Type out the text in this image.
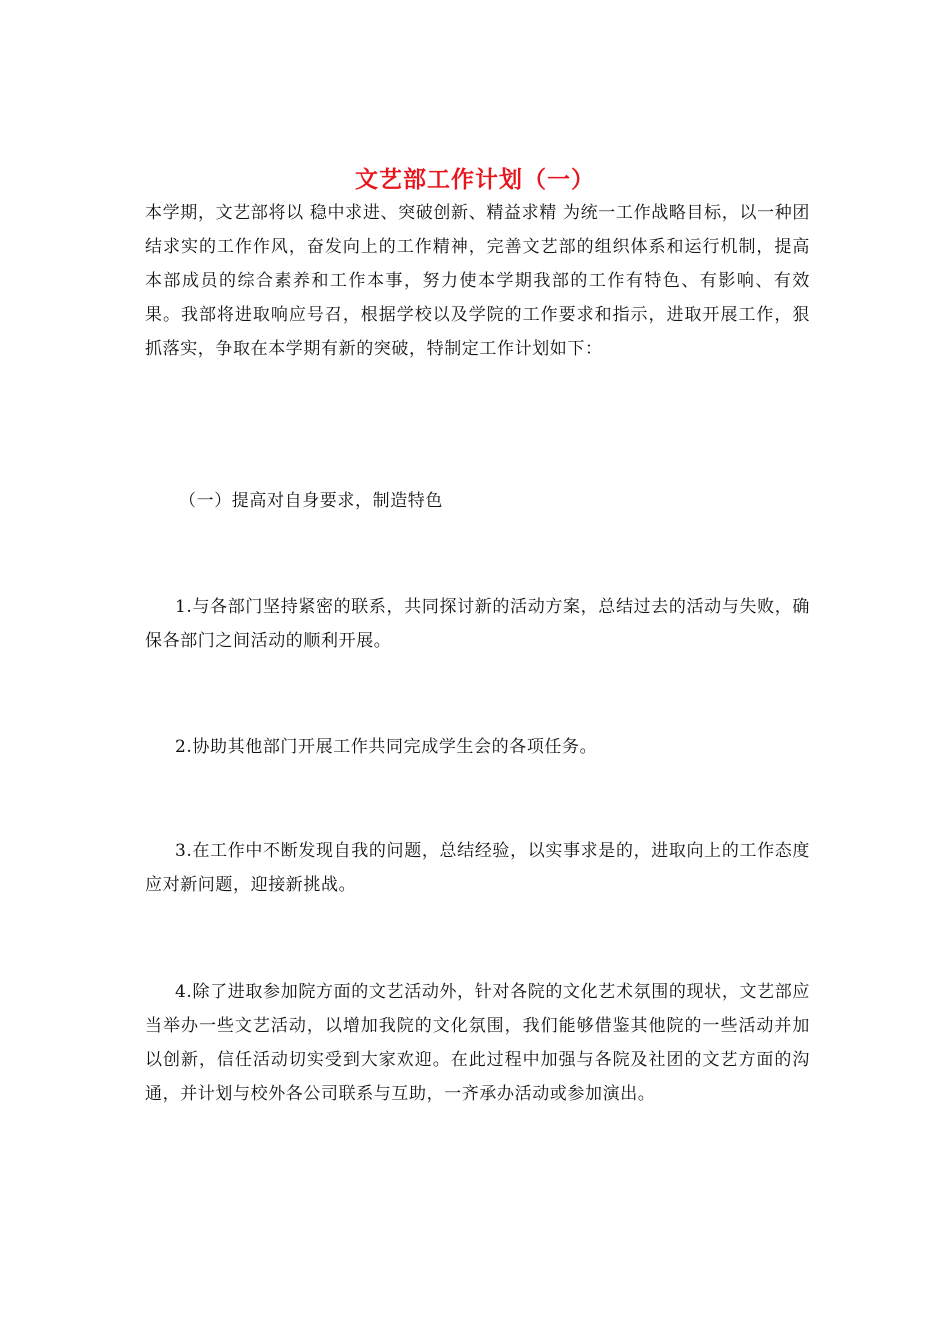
文艺部工作计划（一）

本学期，文艺部将以 稳中求进、突破创新、精益求精 为统一工作战略目标，以一种团结求实的工作作风，奋发向上的工作精神，完善文艺部的组织体系和运行机制，提高本部成员的综合素养和工作本事，努力使本学期我部的工作有特色、有影响、有效果。我部将进取响应号召，根据学校以及学院的工作要求和指示，进取开展工作，狠抓落实，争取在本学期有新的突破，特制定工作计划如下：

（一）提高对自身要求，制造特色

1.与各部门坚持紧密的联系，共同探讨新的活动方案，总结过去的活动与失败，确保各部门之间活动的顺利开展。

2.协助其他部门开展工作共同完成学生会的各项任务。

3.在工作中不断发现自我的问题，总结经验，以实事求是的，进取向上的工作态度应对新问题，迎接新挑战。

4.除了进取参加院方面的文艺活动外，针对各院的文化艺术氛围的现状，文艺部应当举办一些文艺活动，以增加我院的文化氛围，我们能够借鉴其他院的一些活动并加以创新，信任活动切实受到大家欢迎。在此过程中加强与各院及社团的文艺方面的沟通，并计划与校外各公司联系与互助，一齐承办活动或参加演出。
